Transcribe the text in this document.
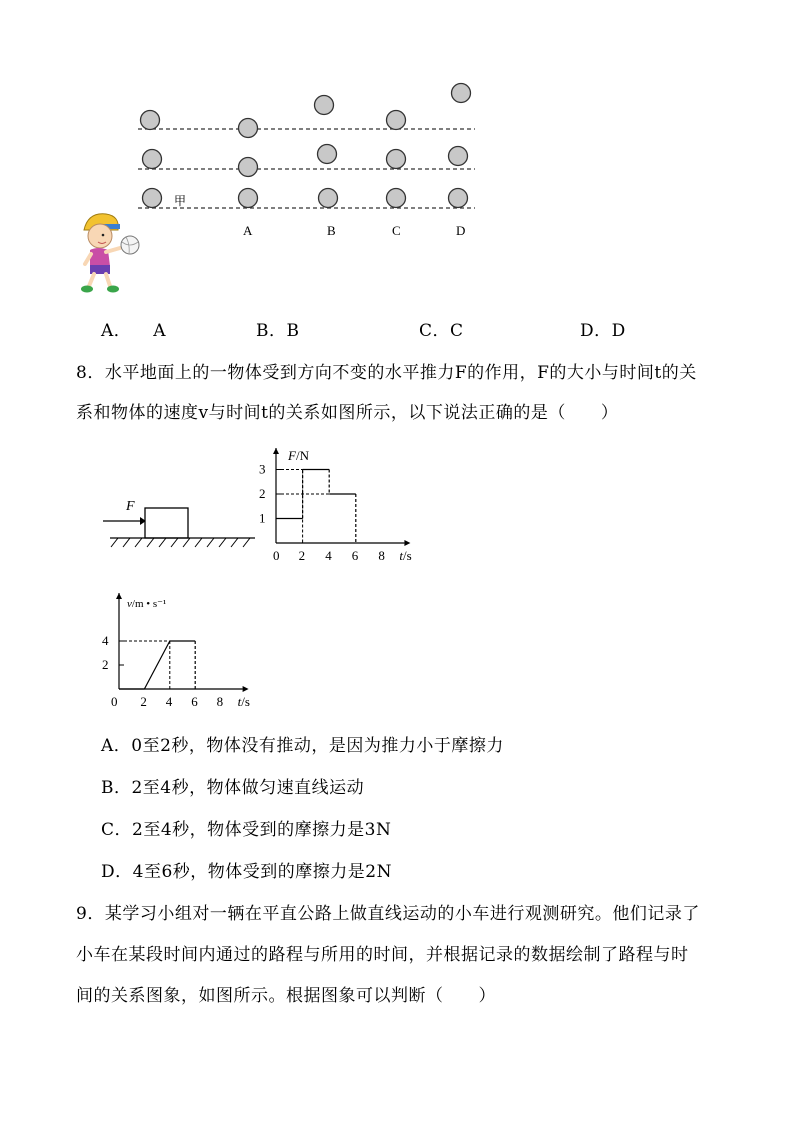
甲
A	B	C	D
A． A	B．B	C．C	D．D
8．水平地面上的一物体受到方向不变的水平推力F的作用，F的大小与时间t的关
系和物体的速度v与时间t的关系如图所示，以下说法正确的是（　　）
F
0 2 4 6 8
1
2
3
F/N
t/s
0 2 4 6 8
2
4
v/m • s⁻¹
t/s
A．0至2秒，物体没有推动，是因为推力小于摩擦力
B．2至4秒，物体做匀速直线运动
C．2至4秒，物体受到的摩擦力是3N
D．4至6秒，物体受到的摩擦力是2N
9．某学习小组对一辆在平直公路上做直线运动的小车进行观测研究。他们记录了
小车在某段时间内通过的路程与所用的时间，并根据记录的数据绘制了路程与时
间的关系图象，如图所示。根据图象可以判断（　　）
